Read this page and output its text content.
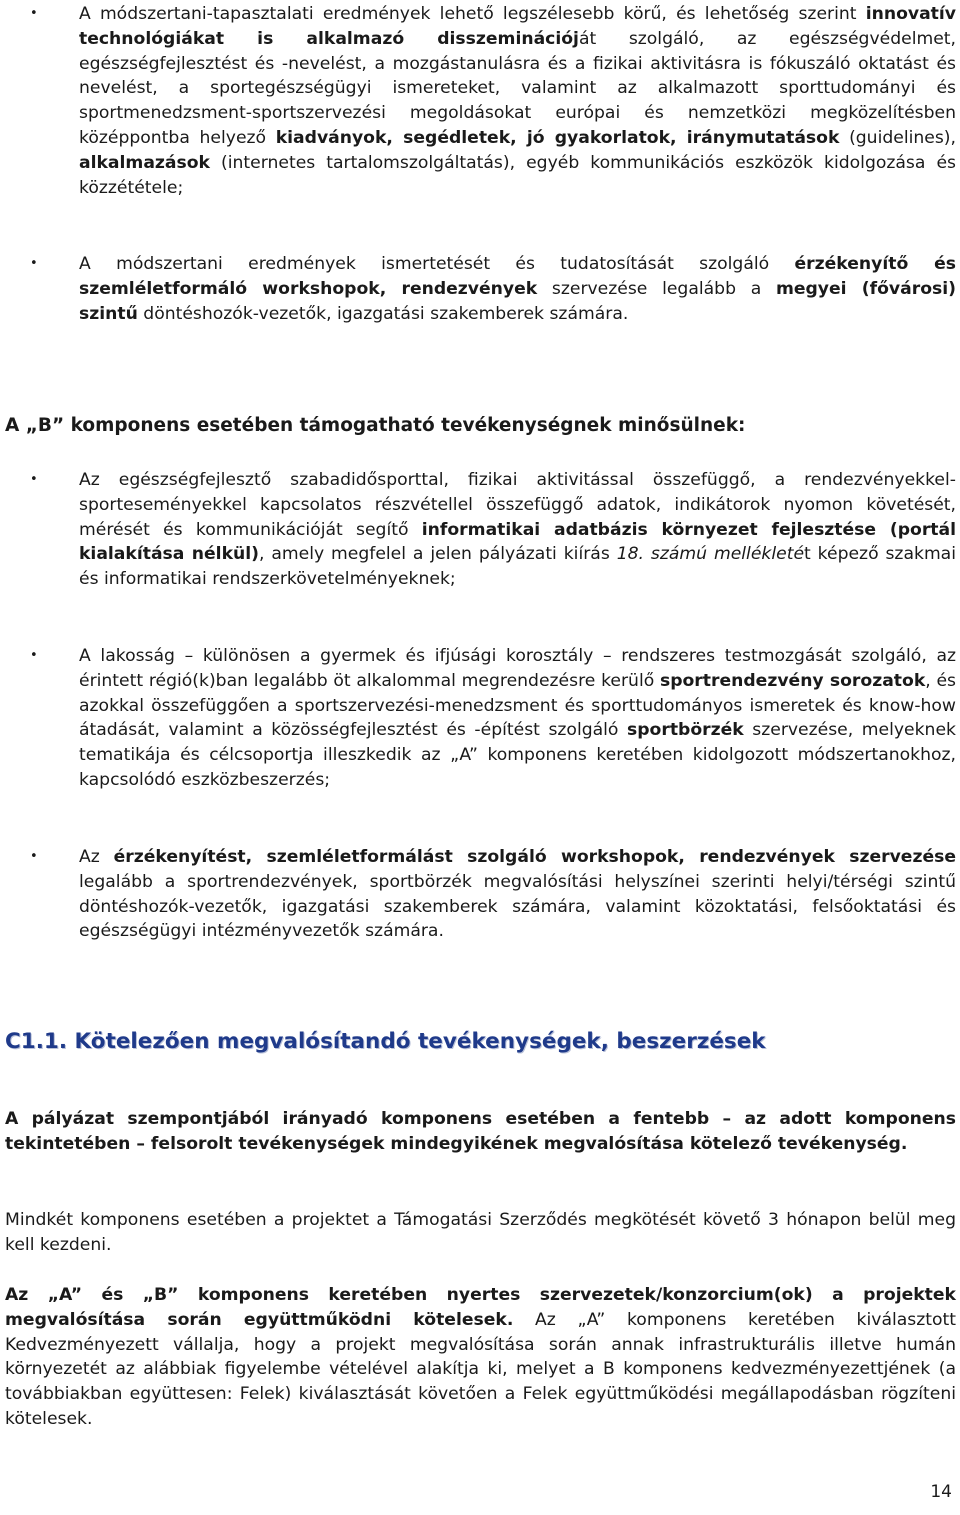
• A módszertani-tapasztalati eredmények lehető legszélesebb körű, és lehetőség szerint innovatív technológiákat is alkalmazó disszeminációját szolgáló, az egészségvédelmet, egészségfejlesztést és -nevelést, a mozgástanulásra és a fizikai aktivitásra is fókuszáló oktatást és nevelést, a sportegészségügyi ismereteket, valamint az alkalmazott sporttudományi és sportmenedzsment-sportszervezési megoldásokat európai és nemzetközi megközelítésben középpontba helyező kiadványok, segédletek, jó gyakorlatok, iránymutatások (guidelines), alkalmazások (internetes tartalomszolgáltatás), egyéb kommunikációs eszközök kidolgozása és közzététele;
• A módszertani eredmények ismertetését és tudatosítását szolgáló érzékenyítő és szemléletformáló workshopok, rendezvények szervezése legalább a megyei (fővárosi) szintű döntéshozók-vezetők, igazgatási szakemberek számára.
A „B” komponens esetében támogatható tevékenységnek minősülnek:
• Az egészségfejlesztő szabadidősporttal, fizikai aktivitással összefüggő, a rendezvényekkel-sporteseményekkel kapcsolatos részvétellel összefüggő adatok, indikátorok nyomon követését, mérését és kommunikációját segítő informatikai adatbázis környezet fejlesztése (portál kialakítása nélkül), amely megfelel a jelen pályázati kiírás 18. számú mellékletét képező szakmai és informatikai rendszerkövetelményeknek;
• A lakosság – különösen a gyermek és ifjúsági korosztály – rendszeres testmozgását szolgáló, az érintett régió(k)ban legalább öt alkalommal megrendezésre kerülő sportrendezvény sorozatok, és azokkal összefüggően a sportszervezési-menedzsment és sporttudományos ismeretek és know-how átadását, valamint a közösségfejlesztést és -építést szolgáló sportbörzék szervezése, melyeknek tematikája és célcsoportja illeszkedik az „A” komponens keretében kidolgozott módszertanokhoz, kapcsolódó eszközbeszerzés;
• Az érzékenyítést, szemléletformálást szolgáló workshopok, rendezvények szervezése legalább a sportrendezvények, sportbörzék megvalósítási helyszínei szerinti helyi/térségi szintű döntéshozók-vezetők, igazgatási szakemberek számára, valamint közoktatási, felsőoktatási és egészségügyi intézményvezetők számára.
C1.1. Kötelezően megvalósítandó tevékenységek, beszerzések
A pályázat szempontjából irányadó komponens esetében a fentebb – az adott komponens tekintetében – felsorolt tevékenységek mindegyikének megvalósítása kötelező tevékenység.
Mindkét komponens esetében a projektet a Támogatási Szerződés megkötését követő 3 hónapon belül meg kell kezdeni.
Az „A” és „B” komponens keretében nyertes szervezetek/konzorcium(ok) a projektek megvalósítása során együttműködni kötelesek. Az „A” komponens keretében kiválasztott Kedvezményezett vállalja, hogy a projekt megvalósítása során annak infrastrukturális illetve humán környezetét az alábbiak figyelembe vételével alakítja ki, melyet a B komponens kedvezményezettjének (a továbbiakban együttesen: Felek) kiválasztását követően a Felek együttműködési megállapodásban rögzíteni kötelesek.
14
